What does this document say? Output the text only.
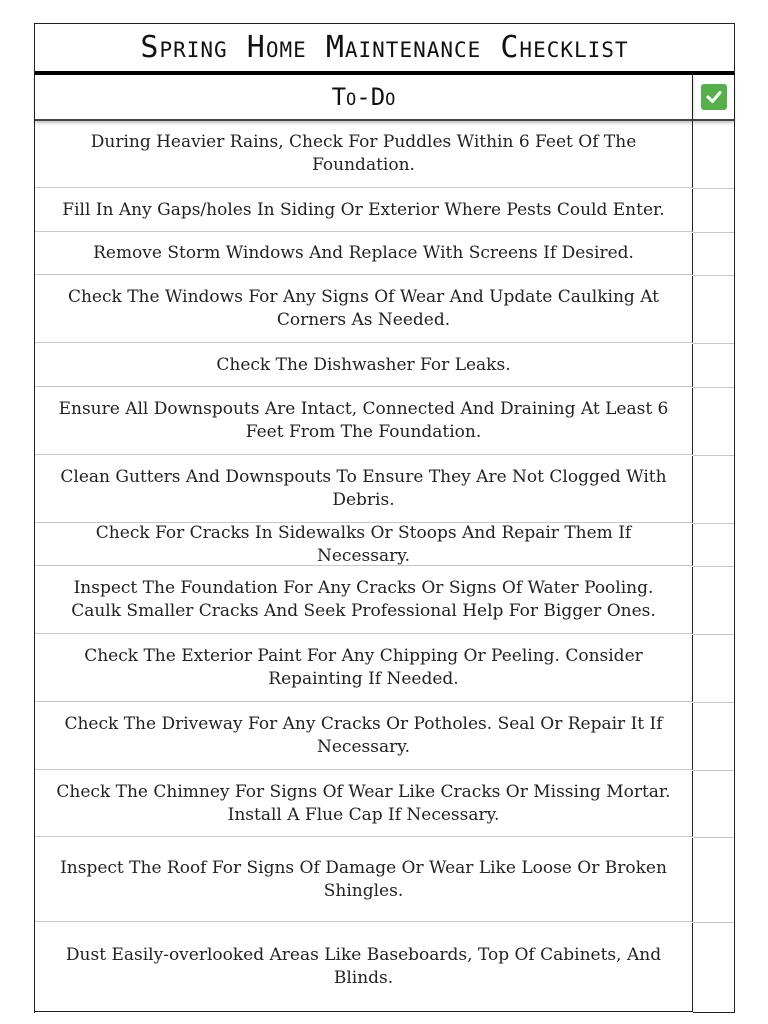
Spring Home Maintenance Checklist
To-Do
During Heavier Rains, Check For Puddles Within 6 Feet Of The Foundation.
Fill In Any Gaps/holes In Siding Or Exterior Where Pests Could Enter.
Remove Storm Windows And Replace With Screens If Desired.
Check The Windows For Any Signs Of Wear And Update Caulking At Corners As Needed.
Check The Dishwasher For Leaks.
Ensure All Downspouts Are Intact, Connected And Draining At Least 6 Feet From The Foundation.
Clean Gutters And Downspouts To Ensure They Are Not Clogged With Debris.
Check For Cracks In Sidewalks Or Stoops And Repair Them If Necessary.
Inspect The Foundation For Any Cracks Or Signs Of Water Pooling. Caulk Smaller Cracks And Seek Professional Help For Bigger Ones.
Check The Exterior Paint For Any Chipping Or Peeling. Consider Repainting If Needed.
Check The Driveway For Any Cracks Or Potholes. Seal Or Repair It If Necessary.
Check The Chimney For Signs Of Wear Like Cracks Or Missing Mortar. Install A Flue Cap If Necessary.
Inspect The Roof For Signs Of Damage Or Wear Like Loose Or Broken Shingles.
Dust Easily-overlooked Areas Like Baseboards, Top Of Cabinets, And Blinds.
